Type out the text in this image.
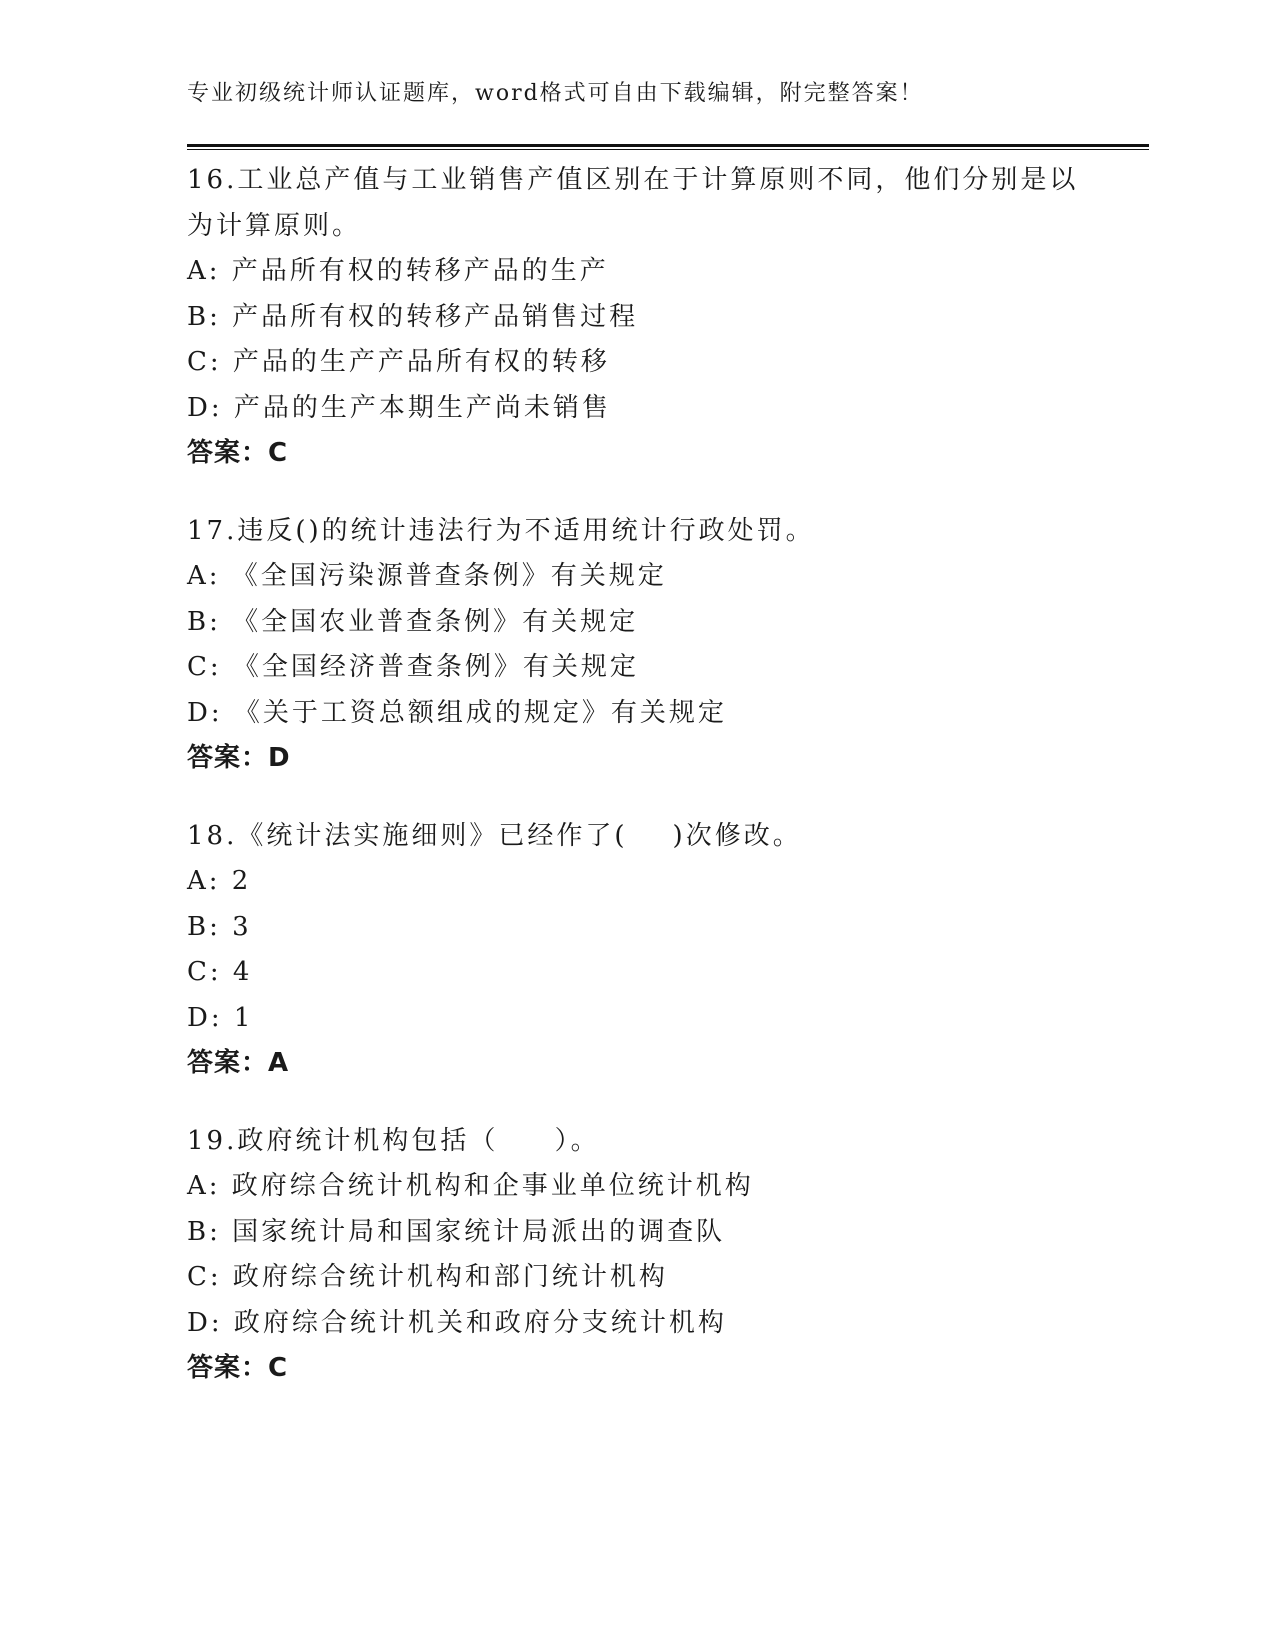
专业初级统计师认证题库，word格式可自由下载编辑，附完整答案！
16.工业总产值与工业销售产值区别在于计算原则不同，他们分别是以
为计算原则。
A: 产品所有权的转移产品的生产
B: 产品所有权的转移产品销售过程
C: 产品的生产产品所有权的转移
D: 产品的生产本期生产尚未销售
答案：C
17.违反()的统计违法行为不适用统计行政处罚。
A: 《全国污染源普查条例》有关规定
B: 《全国农业普查条例》有关规定
C: 《全国经济普查条例》有关规定
D: 《关于工资总额组成的规定》有关规定
答案：D
18.《统计法实施细则》已经作了(    )次修改。
A: 2
B: 3
C: 4
D: 1
答案：A
19.政府统计机构包括（     ）。
A: 政府综合统计机构和企事业单位统计机构
B: 国家统计局和国家统计局派出的调查队
C: 政府综合统计机构和部门统计机构
D: 政府综合统计机关和政府分支统计机构
答案：C
